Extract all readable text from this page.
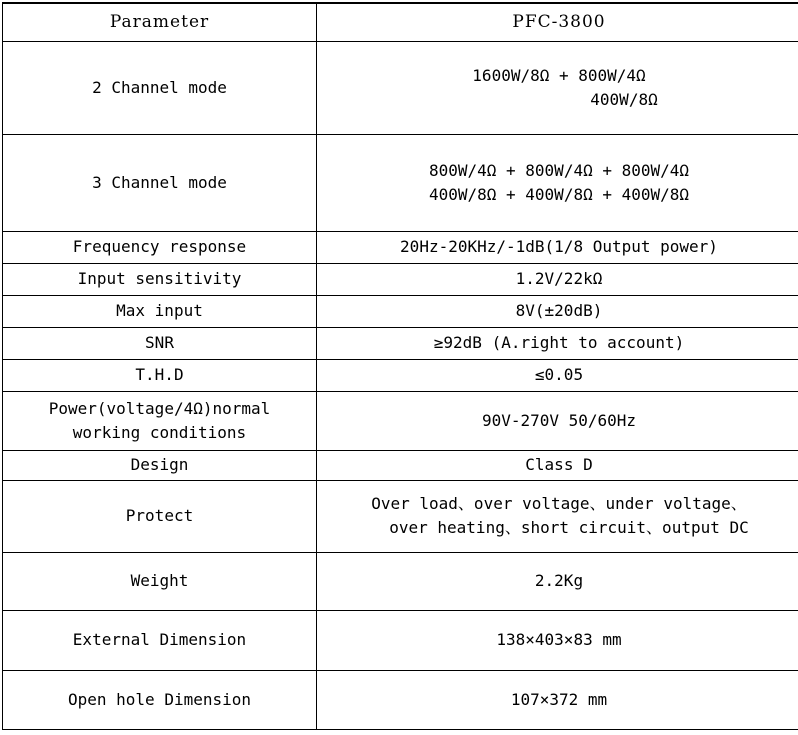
Parameter	PFC-3800
2 Channel mode	1600W/8Ω + 800W/4Ω
400W/8Ω

3 Channel mode	800W/4Ω + 800W/4Ω + 800W/4Ω
400W/8Ω + 400W/8Ω + 400W/8Ω

Frequency response	20Hz-20KHz/-1dB(1/8 Output power)
Input sensitivity	1.2V/22kΩ
Max input	8V(±20dB)
SNR	≥92dB (A.right to account)
T.H.D	≤0.05

Power(voltage/4Ω)normal
working conditions	90V-270V 50/60Hz
Design	Class D
Protect	Over load、over voltage、under voltage、
over heating、short circuit、output DC

Weight	2.2Kg
External Dimension	138×403×83 mm
Open hole Dimension	107×372 mm
